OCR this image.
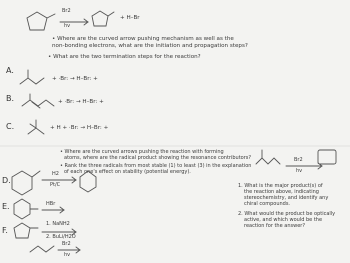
Br2
hv
+ H–Br
• Where are the curved arrow pushing mechanism as well as the
non-bonding electrons, what are the initiation and propagation steps?
• What are the two termination steps for the reaction?
A.
+ ·Br: → H–Br: +
B.	+ ·Br: → H–Br: +
C.	+ H + ·Br: → H–Br: +
• Where are the curved arrows pushing the reaction with forming
atoms, where are the radical product showing the resonance contributors?
• Rank the three radicals from most stable (1) to least (3) in the explanation
of each one's effect on stability (potential energy).
D.
H2
Pt/C
E.	HBr
F.
1. NaNH2
2. BuLi/H2O
Br2
hv
Br2
hv
1. What is the major product(s) of
the reaction above, indicating
stereochemistry, and identify any
chiral compounds.
2. What would the product be optically
active, and which would be the
reaction for the answer?
